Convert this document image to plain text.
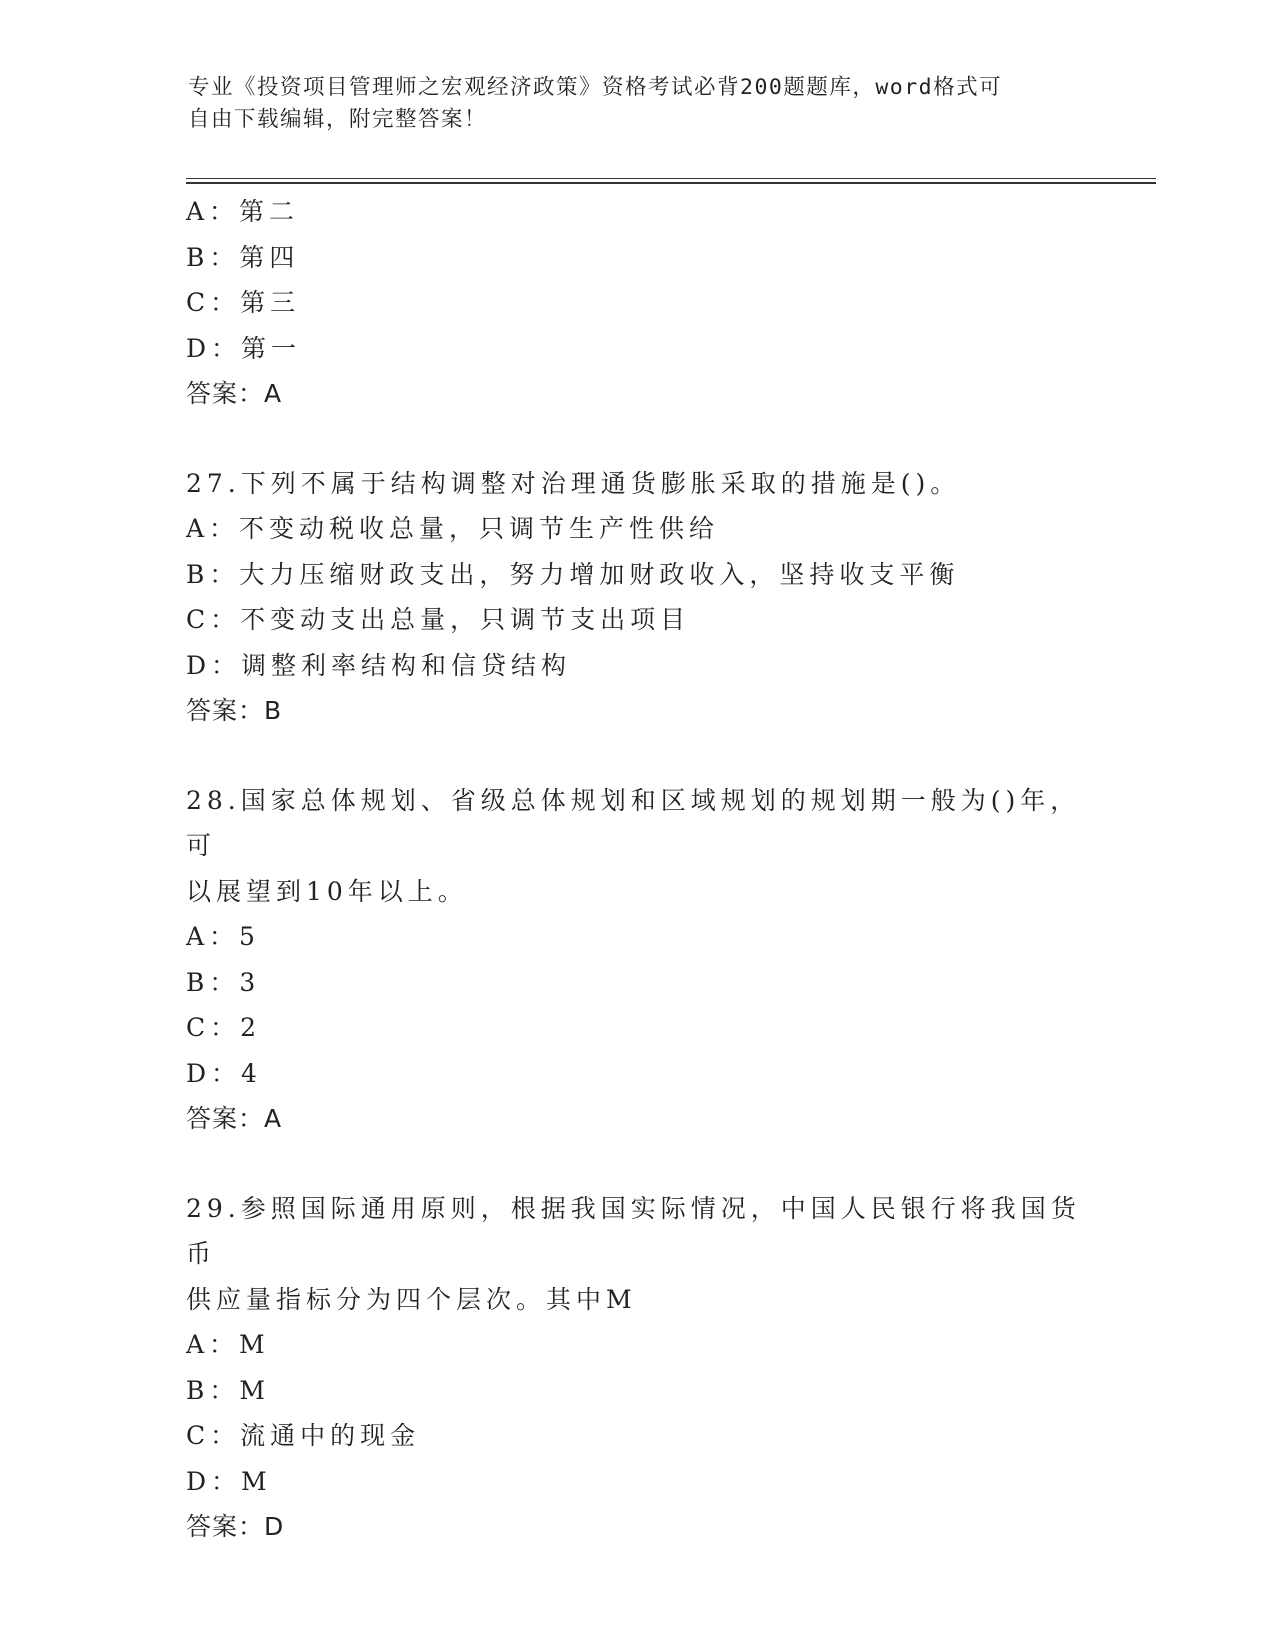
专业《投资项目管理师之宏观经济政策》资格考试必背200题题库，word格式可
自由下载编辑，附完整答案！
A：第二
B：第四
C：第三
D：第一
答案：A
27.下列不属于结构调整对治理通货膨胀采取的措施是()。
A：不变动税收总量，只调节生产性供给
B：大力压缩财政支出，努力增加财政收入，坚持收支平衡
C：不变动支出总量，只调节支出项目
D：调整利率结构和信贷结构
答案：B
28.国家总体规划、省级总体规划和区域规划的规划期一般为()年，可
以展望到10年以上。
A：5
B：3
C：2
D：4
答案：A
29.参照国际通用原则，根据我国实际情况，中国人民银行将我国货币
供应量指标分为四个层次。其中M
A：M
B：M
C：流通中的现金
D：M
答案：D
